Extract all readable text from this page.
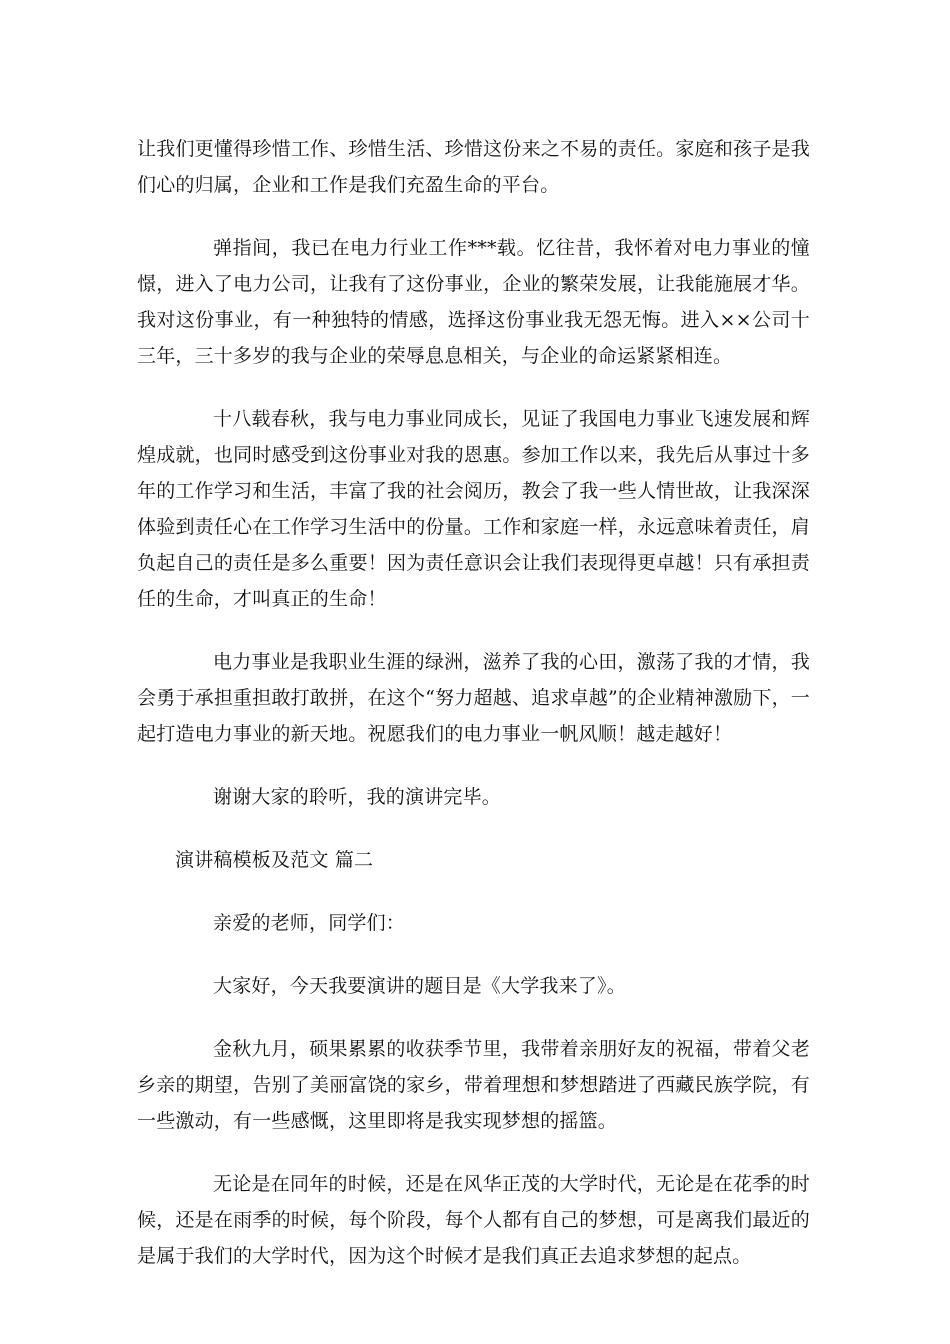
让我们更懂得珍惜工作、珍惜生活、珍惜这份来之不易的责任。家庭和孩子是我们心的归属，企业和工作是我们充盈生命的平台。

弹指间，我已在电力行业工作***载。忆往昔，我怀着对电力事业的憧憬，进入了电力公司，让我有了这份事业，企业的繁荣发展，让我能施展才华。我对这份事业，有一种独特的情感，选择这份事业我无怨无悔。进入××公司十三年，三十多岁的我与企业的荣辱息息相关，与企业的命运紧紧相连。

十八载春秋，我与电力事业同成长，见证了我国电力事业飞速发展和辉煌成就，也同时感受到这份事业对我的恩惠。参加工作以来，我先后从事过十多年的工作学习和生活，丰富了我的社会阅历，教会了我一些人情世故，让我深深体验到责任心在工作学习生活中的份量。工作和家庭一样，永远意味着责任，肩负起自己的责任是多么重要！因为责任意识会让我们表现得更卓越！只有承担责任的生命，才叫真正的生命！

电力事业是我职业生涯的绿洲，滋养了我的心田，激荡了我的才情，我会勇于承担重担敢打敢拼，在这个“努力超越、追求卓越”的企业精神激励下，一起打造电力事业的新天地。祝愿我们的电力事业一帆风顺！越走越好！

谢谢大家的聆听，我的演讲完毕。

演讲稿模板及范文 篇二

亲爱的老师，同学们：

大家好，今天我要演讲的题目是《大学我来了》。

金秋九月，硕果累累的收获季节里，我带着亲朋好友的祝福，带着父老乡亲的期望，告别了美丽富饶的家乡，带着理想和梦想踏进了西藏民族学院，有一些激动，有一些感慨，这里即将是我实现梦想的摇篮。

无论是在同年的时候，还是在风华正茂的大学时代，无论是在花季的时候，还是在雨季的时候，每个阶段，每个人都有自己的梦想，可是离我们最近的是属于我们的大学时代，因为这个时候才是我们真正去追求梦想的起点。
